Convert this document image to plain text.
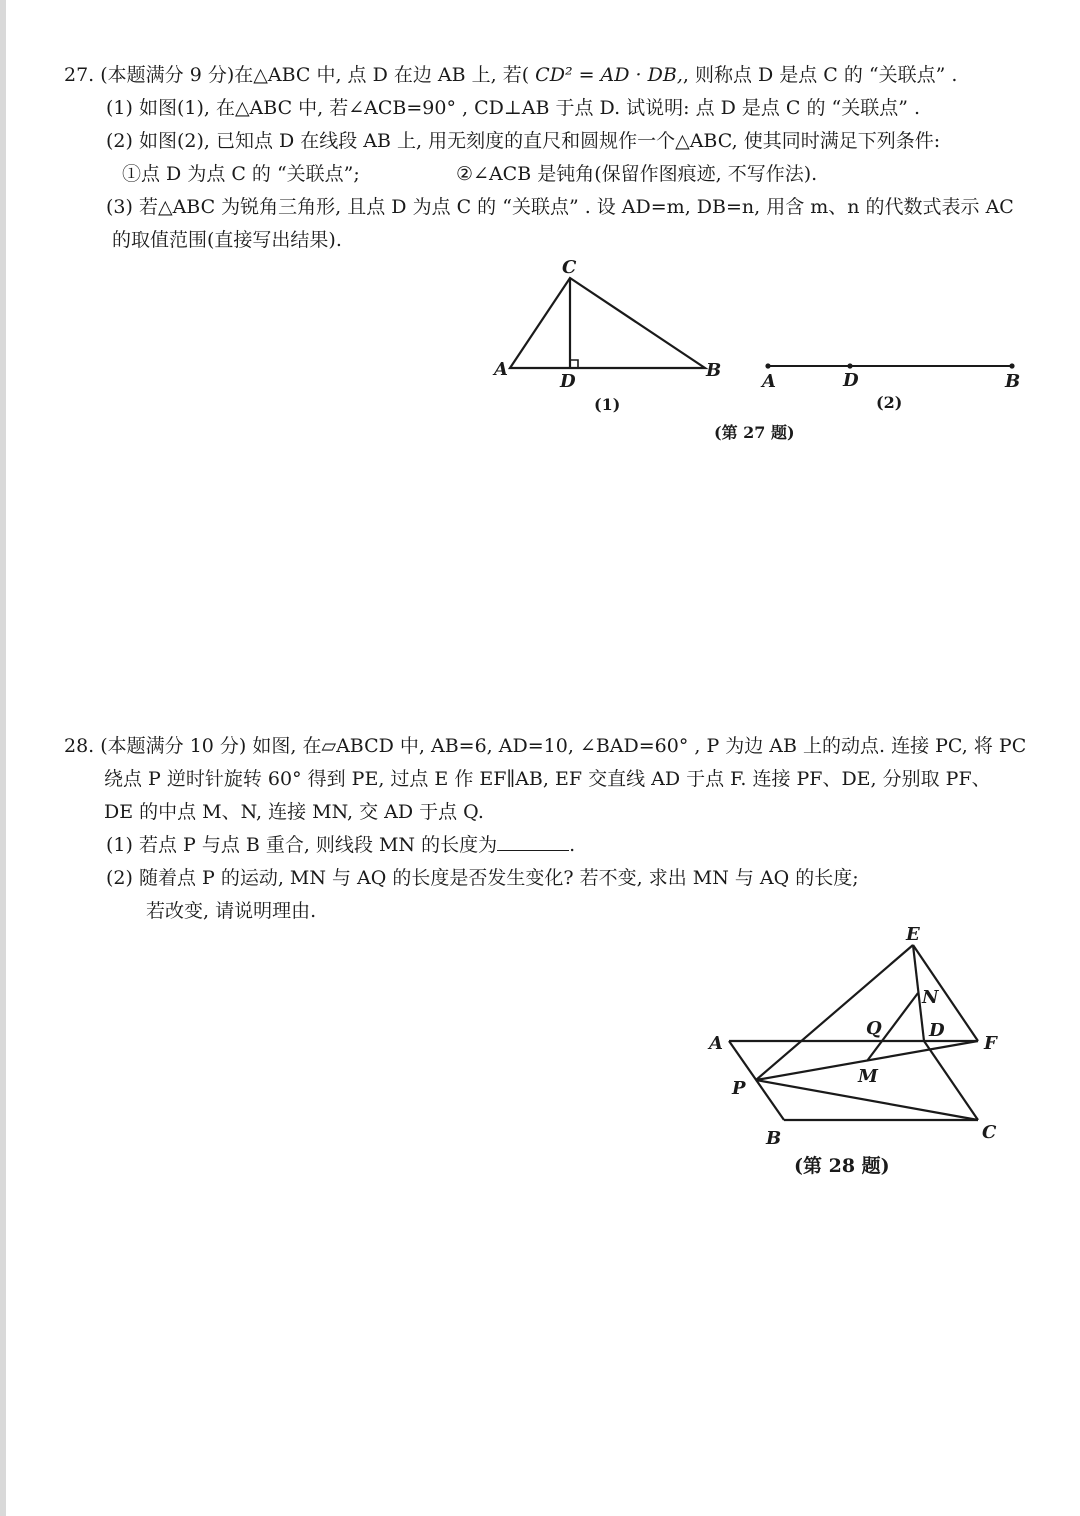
27. (本题满分 9 分)在△ABC 中, 点 D 在边 AB 上, 若( CD² = AD · DB,, 则称点 D 是点 C 的 “关联点” .
(1) 如图(1), 在△ABC 中, 若∠ACB=90° , CD⊥AB 于点 D. 试说明: 点 D 是点 C 的 “关联点” .
(2) 如图(2), 已知点 D 在线段 AB 上, 用无刻度的直尺和圆规作一个△ABC, 使其同时满足下列条件:
①点 D 为点 C 的 “关联点”;	②∠ACB 是钝角(保留作图痕迹, 不写作法).
(3) 若△ABC 为锐角三角形, 且点 D 为点 C 的 “关联点” . 设 AD=m, DB=n, 用含 m、n 的代数式表示 AC
的取值范围(直接写出结果).
C
A	B
D
(1)
A	D	B
(2)
(第 27 题)
28. (本题满分 10 分) 如图, 在▱ABCD 中, AB=6, AD=10, ∠BAD=60° , P 为边 AB 上的动点. 连接 PC, 将 PC
绕点 P 逆时针旋转 60° 得到 PE, 过点 E 作 EF∥AB, EF 交直线 AD 于点 F. 连接 PF、DE, 分别取 PF、
DE 的中点 M、N, 连接 MN, 交 AD 于点 Q.
(1) 若点 P 与点 B 重合, 则线段 MN 的长度为	.
(2) 随着点 P 的运动, MN 与 AQ 的长度是否发生变化? 若不变, 求出 MN 与 AQ 的长度;
若改变, 请说明理由.
E
N
Q	D
A	F
M
P
B	C
(第 28 题)
